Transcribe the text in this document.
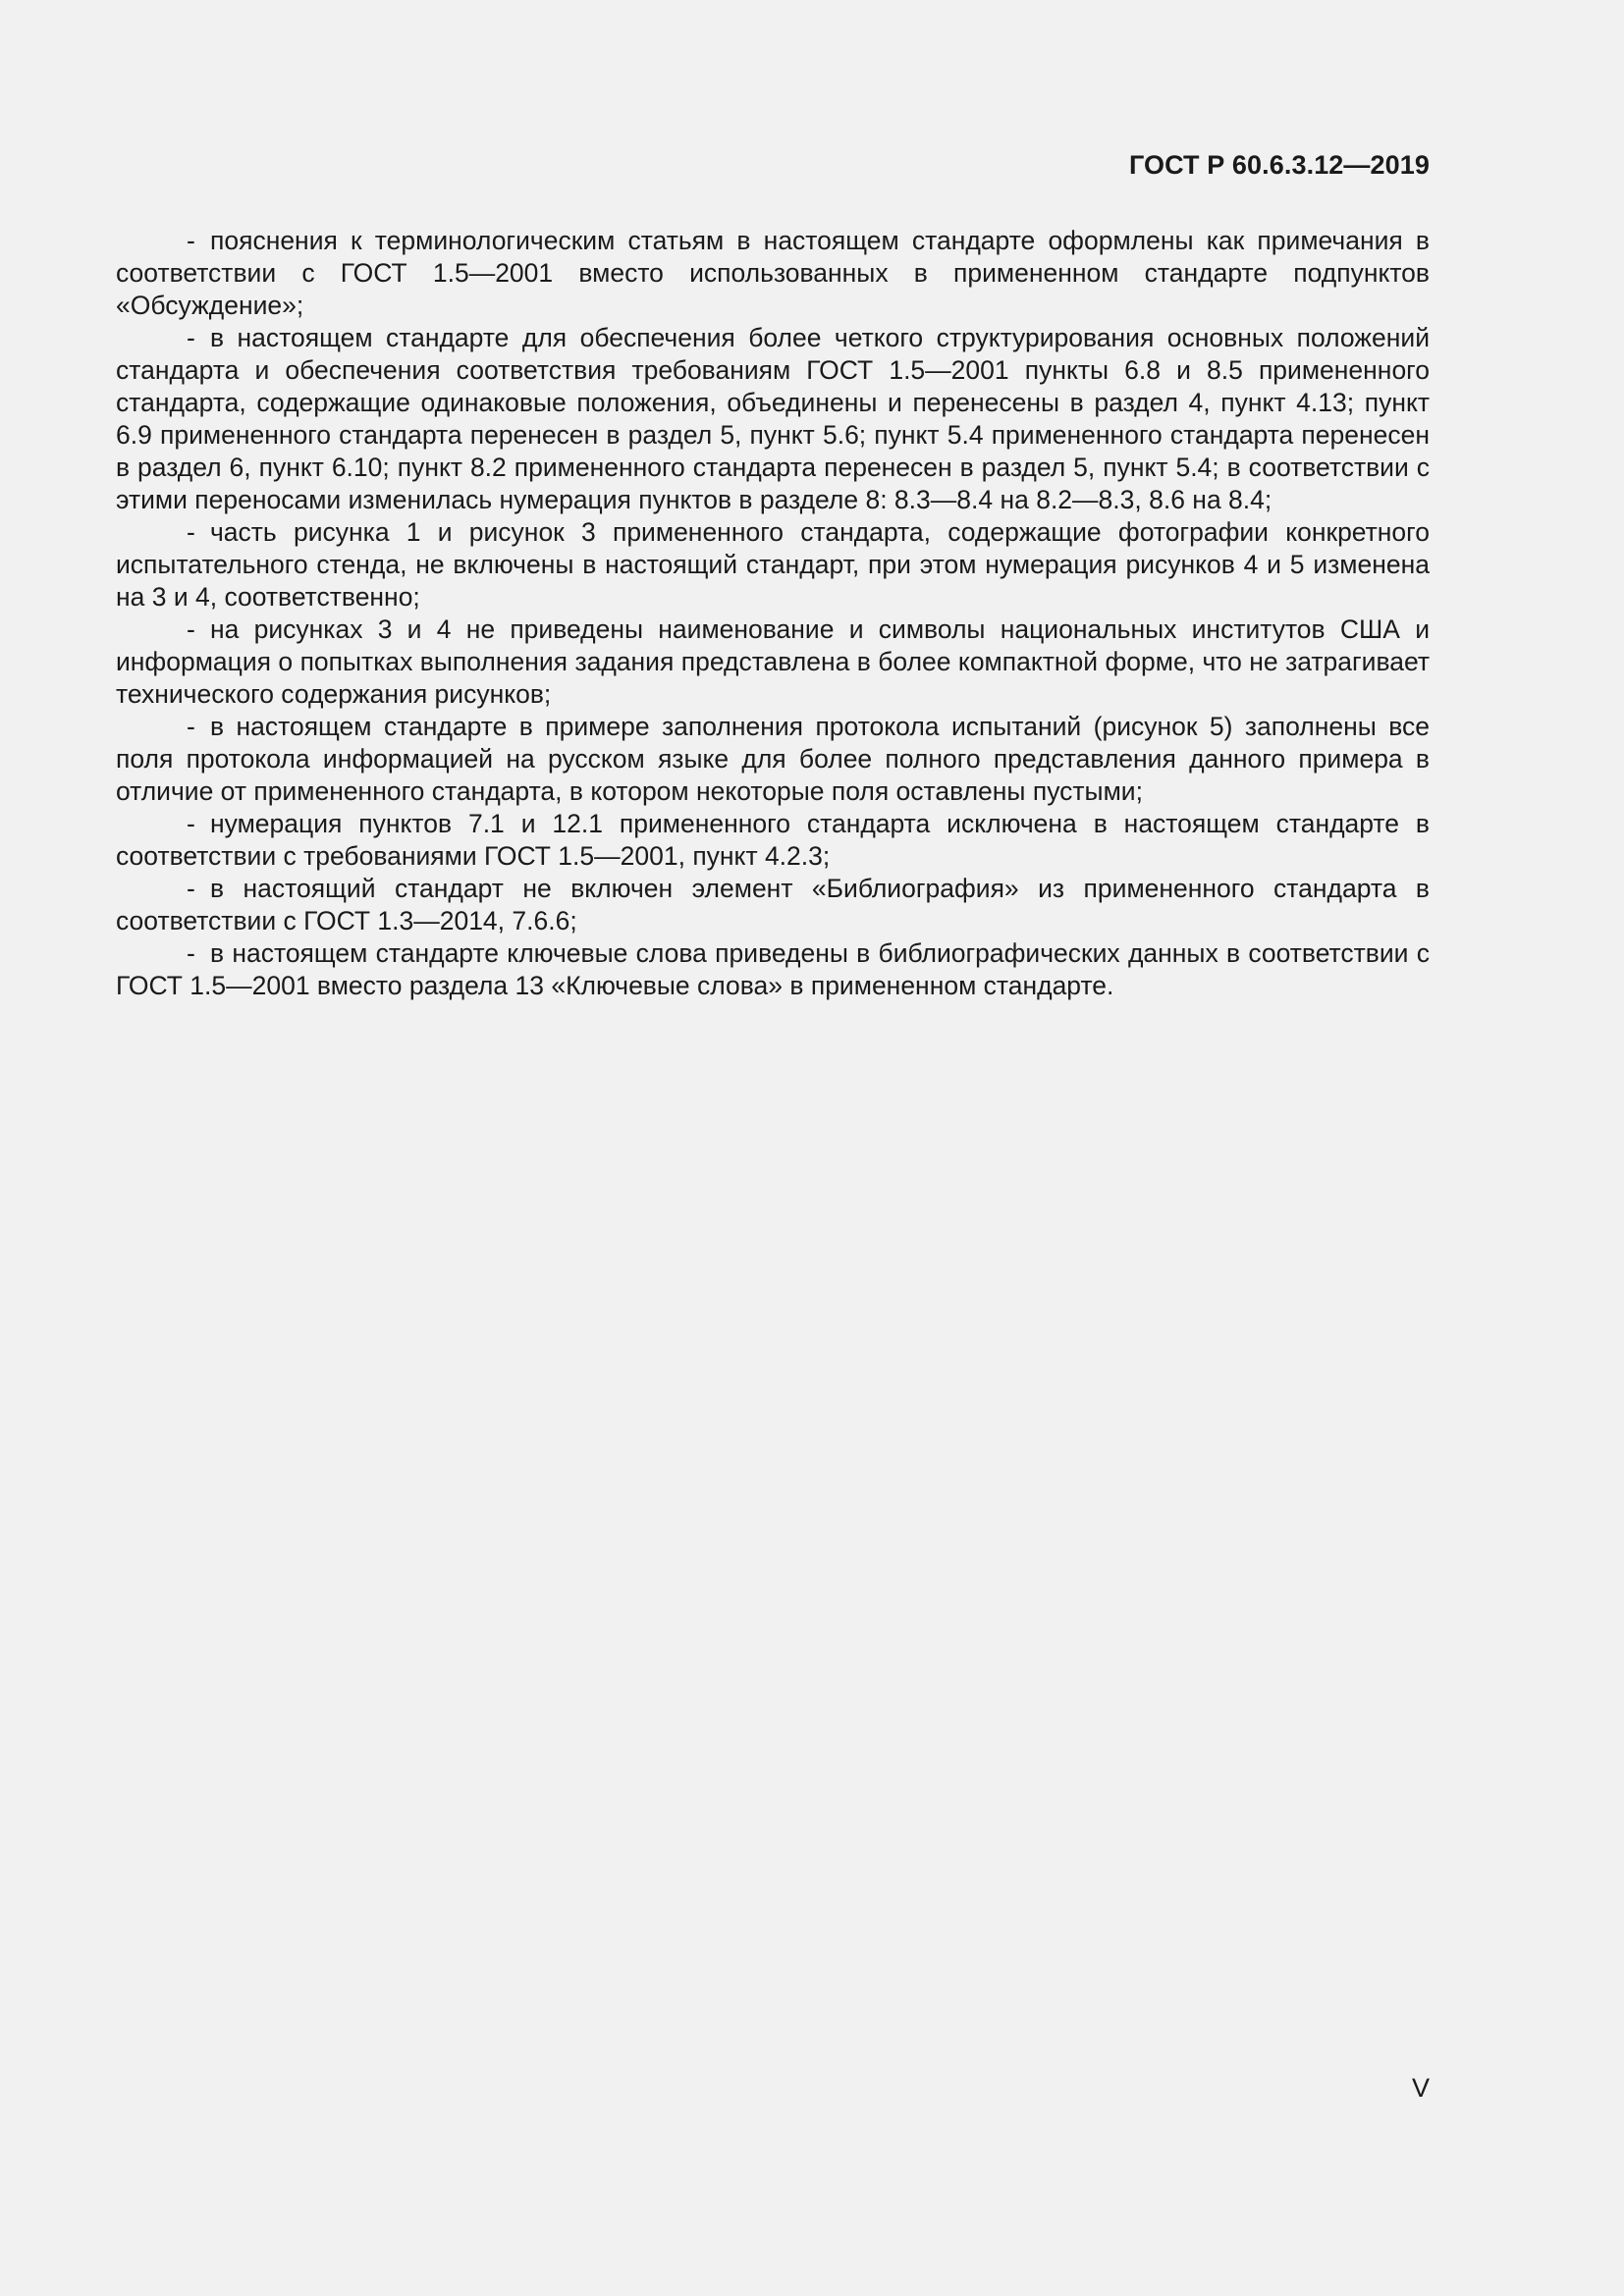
ГОСТ Р 60.6.3.12—2019

- пояснения к терминологическим статьям в настоящем стандарте оформлены как примечания в соответствии с ГОСТ 1.5—2001 вместо использованных в примененном стандарте подпунктов «Обсуждение»;

- в настоящем стандарте для обеспечения более четкого структурирования основных положений стандарта и обеспечения соответствия требованиям ГОСТ 1.5—2001 пункты 6.8 и 8.5 примененного стандарта, содержащие одинаковые положения, объединены и перенесены в раздел 4, пункт 4.13; пункт 6.9 примененного стандарта перенесен в раздел 5, пункт 5.6; пункт 5.4 примененного стандарта перенесен в раздел 6, пункт 6.10; пункт 8.2 примененного стандарта перенесен в раздел 5, пункт 5.4; в соответствии с этими переносами изменилась нумерация пунктов в разделе 8: 8.3—8.4 на 8.2—8.3, 8.6 на 8.4;

- часть рисунка 1 и рисунок 3 примененного стандарта, содержащие фотографии конкретного испытательного стенда, не включены в настоящий стандарт, при этом нумерация рисунков 4 и 5 изменена на 3 и 4, соответственно;

- на рисунках 3 и 4 не приведены наименование и символы национальных институтов США и информация о попытках выполнения задания представлена в более компактной форме, что не затрагивает технического содержания рисунков;

- в настоящем стандарте в примере заполнения протокола испытаний (рисунок 5) заполнены все поля протокола информацией на русском языке для более полного представления данного примера в отличие от примененного стандарта, в котором некоторые поля оставлены пустыми;

- нумерация пунктов 7.1 и 12.1 примененного стандарта исключена в настоящем стандарте в соответствии с требованиями ГОСТ 1.5—2001, пункт 4.2.3;

- в настоящий стандарт не включен элемент «Библиография» из примененного стандарта в соответствии с ГОСТ 1.3—2014, 7.6.6;

- в настоящем стандарте ключевые слова приведены в библиографических данных в соответствии с ГОСТ 1.5—2001 вместо раздела 13 «Ключевые слова» в примененном стандарте.

V
